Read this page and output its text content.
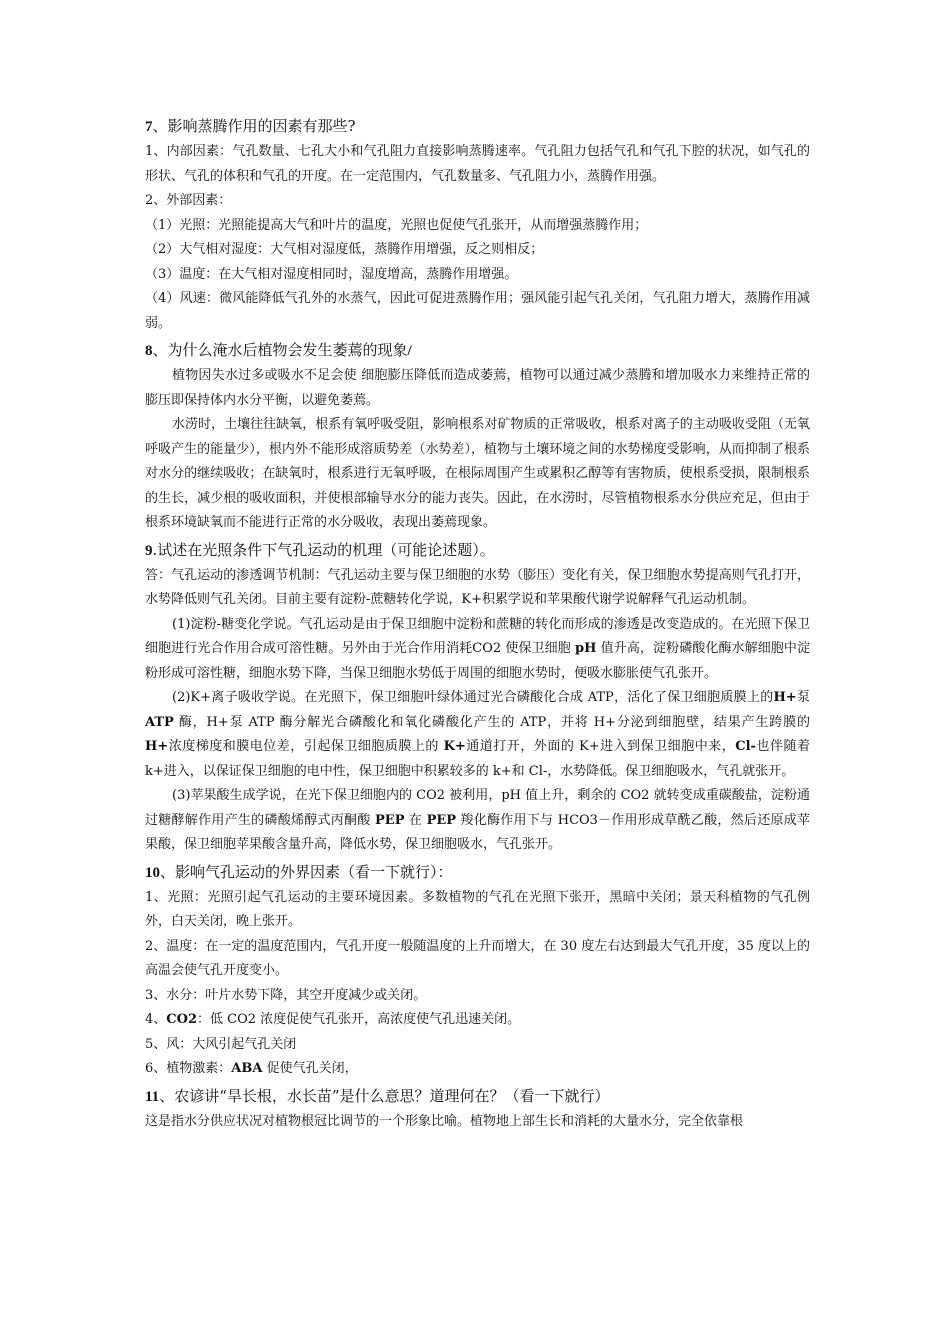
7、影响蒸腾作用的因素有那些?

1、内部因素：气孔数量、七孔大小和气孔阻力直接影响蒸腾速率。气孔阻力包括气孔和气孔下腔的状况，如气孔的形状、气孔的体积和气孔的开度。在一定范围内，气孔数量多、气孔阻力小，蒸腾作用强。

2、外部因素：

（1）光照：光照能提高大气和叶片的温度，光照也促使气孔张开，从而增强蒸腾作用；

（2）大气相对湿度：大气相对湿度低，蒸腾作用增强，反之则相反；

（3）温度：在大气相对湿度相同时，湿度增高，蒸腾作用增强。

（4）风速：微风能降低气孔外的水蒸气，因此可促进蒸腾作用；强风能引起气孔关闭，气孔阻力增大，蒸腾作用减弱。

8、为什么淹水后植物会发生萎蔫的现象/

植物因失水过多或吸水不足会使 细胞膨压降低而造成萎蔫，植物可以通过减少蒸腾和增加吸水力来维持正常的膨压即保持体内水分平衡，以避免萎蔫。

水涝时，土壤往往缺氧，根系有氧呼吸受阻，影响根系对矿物质的正常吸收，根系对离子的主动吸收受阻（无氧呼吸产生的能量少），根内外不能形成溶质势差（水势差），植物与土壤环境之间的水势梯度受影响，从而抑制了根系对水分的继续吸收；在缺氧时，根系进行无氧呼吸，在根际周围产生或累积乙醇等有害物质，使根系受损，限制根系的生长，减少根的吸收面积，并使根部输导水分的能力丧失。因此，在水涝时，尽管植物根系水分供应充足，但由于根系环境缺氧而不能进行正常的水分吸收，表现出萎蔫现象。

9.试述在光照条件下气孔运动的机理（可能论述题）。

答：气孔运动的渗透调节机制：气孔运动主要与保卫细胞的水势（膨压）变化有关，保卫细胞水势提高则气孔打开，水势降低则气孔关闭。目前主要有淀粉-蔗糖转化学说，K+积累学说和苹果酸代谢学说解释气孔运动机制。

(1)淀粉-糖变化学说。气孔运动是由于保卫细胞中淀粉和蔗糖的转化而形成的渗透是改变造成的。在光照下保卫细胞进行光合作用合成可溶性糖。另外由于光合作用消耗CO2 使保卫细胞 pH 值升高，淀粉磷酸化酶水解细胞中淀粉形成可溶性糖，细胞水势下降，当保卫细胞水势低于周围的细胞水势时，便吸水膨胀使气孔张开。

(2)K+离子吸收学说。在光照下，保卫细胞叶绿体通过光合磷酸化合成 ATP，活化了保卫细胞质膜上的H+泵 ATP 酶，H+泵 ATP 酶分解光合磷酸化和氧化磷酸化产生的 ATP，并将 H+分泌到细胞壁，结果产生跨膜的 H+浓度梯度和膜电位差，引起保卫细胞质膜上的 K+通道打开，外面的 K+进入到保卫细胞中来，Cl-也伴随着 k+进入，以保证保卫细胞的电中性，保卫细胞中积累较多的 k+和 Cl-，水势降低。保卫细胞吸水，气孔就张开。

(3)苹果酸生成学说，在光下保卫细胞内的 CO2 被利用，pH 值上升，剩余的 CO2 就转变成重碳酸盐，淀粉通过糖酵解作用产生的磷酸烯醇式丙酮酸 PEP 在 PEP 羧化酶作用下与 HCO3－作用形成草酰乙酸，然后还原成苹果酸，保卫细胞苹果酸含量升高，降低水势，保卫细胞吸水，气孔张开。

10、影响气孔运动的外界因素（看一下就行）：

1、光照：光照引起气孔运动的主要环境因素。多数植物的气孔在光照下张开，黑暗中关闭；景天科植物的气孔例外，白天关闭，晚上张开。

2、温度：在一定的温度范围内，气孔开度一般随温度的上升而增大，在 30 度左右达到最大气孔开度，35 度以上的高温会使气孔开度变小。

3、水分：叶片水势下降，其空开度减少或关闭。

4、CO2：低 CO2 浓度促使气孔张开，高浓度使气孔迅速关闭。

5、风：大风引起气孔关闭

6、植物激素：ABA 促使气孔关闭，

11、农谚讲“旱长根，水长苗”是什么意思？道理何在？（看一下就行）

这是指水分供应状况对植物根冠比调节的一个形象比喻。植物地上部生长和消耗的大量水分，完全依靠根
